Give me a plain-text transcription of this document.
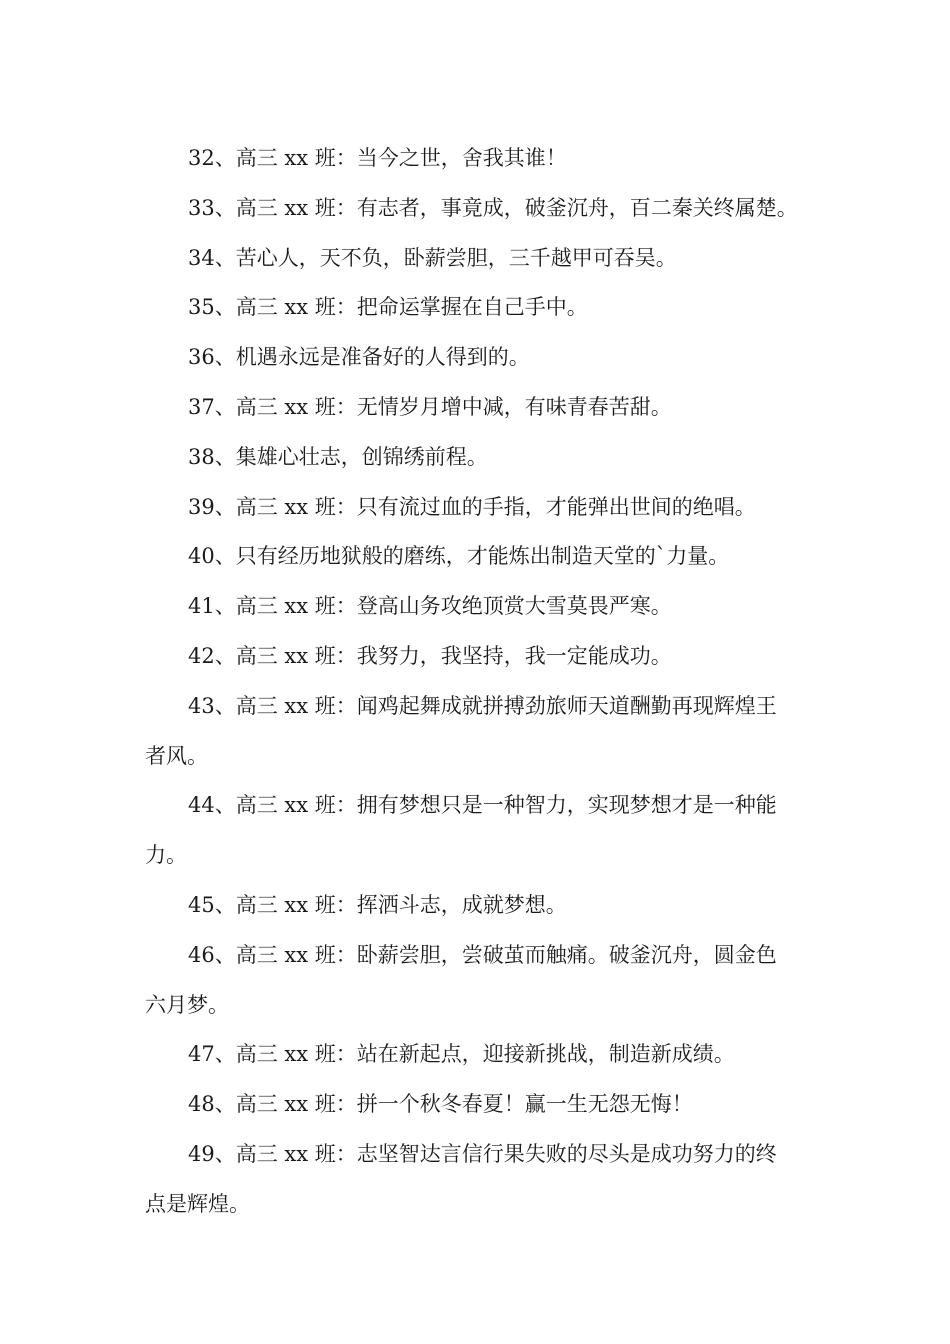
32、高三 xx 班：当今之世，舍我其谁！

33、高三 xx 班：有志者，事竟成，破釜沉舟，百二秦关终属楚。

34、苦心人，天不负，卧薪尝胆，三千越甲可吞吴。

35、高三 xx 班：把命运掌握在自己手中。

36、机遇永远是准备好的人得到的。

37、高三 xx 班：无情岁月增中减，有味青春苦甜。

38、集雄心壮志，创锦绣前程。

39、高三 xx 班：只有流过血的手指，才能弹出世间的绝唱。

40、只有经历地狱般的磨练，才能炼出制造天堂的`力量。

41、高三 xx 班：登高山务攻绝顶赏大雪莫畏严寒。

42、高三 xx 班：我努力，我坚持，我一定能成功。

43、高三 xx 班：闻鸡起舞成就拼搏劲旅师天道酬勤再现辉煌王

者风。

44、高三 xx 班：拥有梦想只是一种智力，实现梦想才是一种能

力。

45、高三 xx 班：挥洒斗志，成就梦想。

46、高三 xx 班：卧薪尝胆，尝破茧而触痛。破釜沉舟，圆金色

六月梦。

47、高三 xx 班：站在新起点，迎接新挑战，制造新成绩。

48、高三 xx 班：拼一个秋冬春夏！赢一生无怨无悔！

49、高三 xx 班：志坚智达言信行果失败的尽头是成功努力的终

点是辉煌。
